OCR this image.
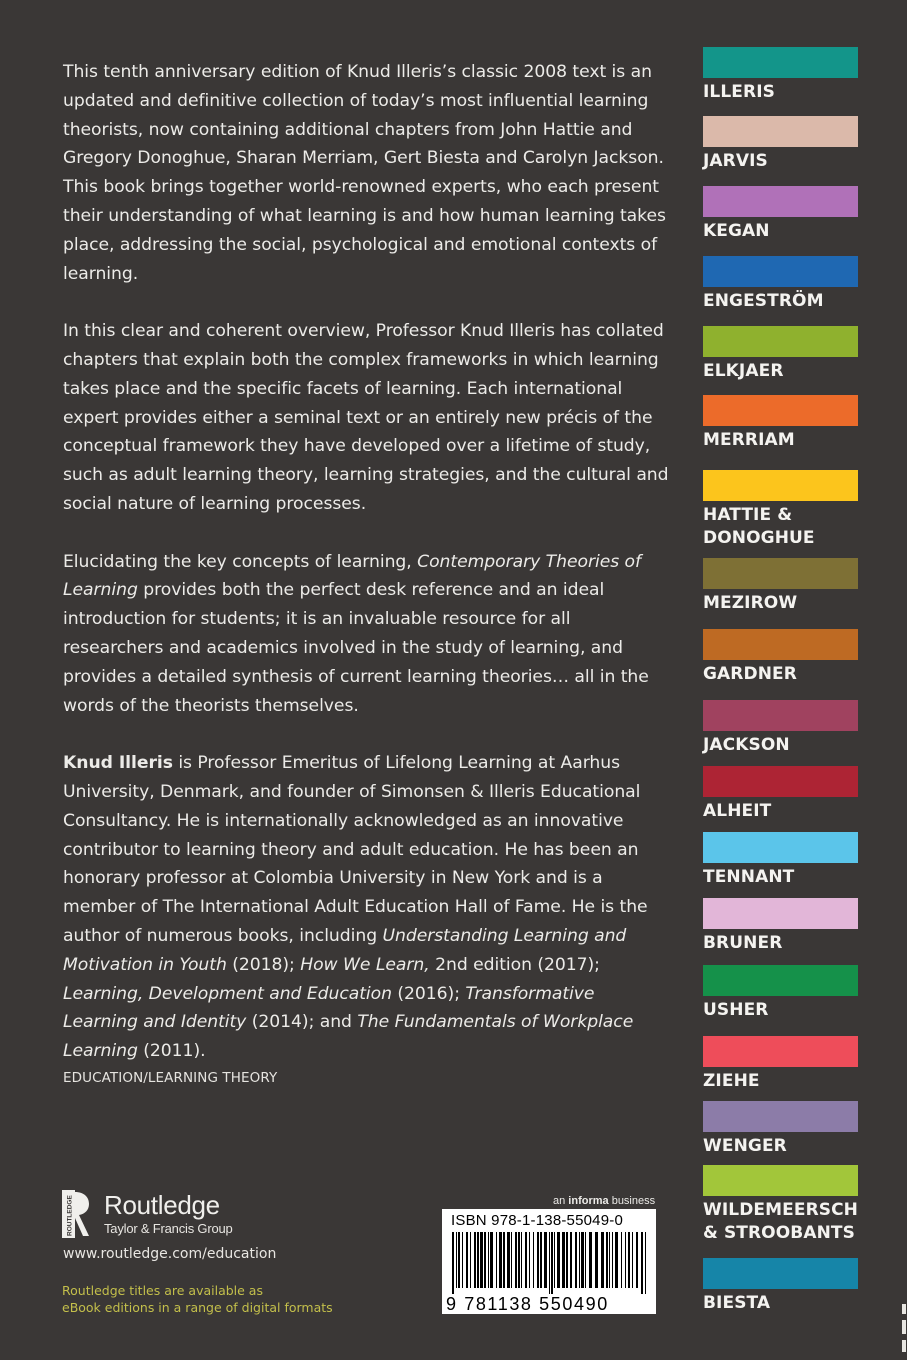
This tenth anniversary edition of Knud Illeris’s classic 2008 text is an updated and definitive collection of today’s most influential learning theorists, now containing additional chapters from John Hattie and Gregory Donoghue, Sharan Merriam, Gert Biesta and Carolyn Jackson. This book brings together world-renowned experts, who each present their understanding of what learning is and how human learning takes place, addressing the social, psychological and emotional contexts of learning.

In this clear and coherent overview, Professor Knud Illeris has collated chapters that explain both the complex frameworks in which learning takes place and the specific facets of learning. Each international expert provides either a seminal text or an entirely new précis of the conceptual framework they have developed over a lifetime of study, such as adult learning theory, learning strategies, and the cultural and social nature of learning processes.

Elucidating the key concepts of learning, Contemporary Theories of Learning provides both the perfect desk reference and an ideal introduction for students; it is an invaluable resource for all researchers and academics involved in the study of learning, and provides a detailed synthesis of current learning theories… all in the words of the theorists themselves.

Knud Illeris is Professor Emeritus of Lifelong Learning at Aarhus University, Denmark, and founder of Simonsen & Illeris Educational Consultancy. He is internationally acknowledged as an innovative contributor to learning theory and adult education. He has been an honorary professor at Colombia University in New York and is a member of The International Adult Education Hall of Fame. He is the author of numerous books, including Understanding Learning and Motivation in Youth (2018); How We Learn, 2nd edition (2017); Learning, Development and Education (2016); Transformative Learning and Identity (2014); and The Fundamentals of Workplace Learning (2011).

EDUCATION/LEARNING THEORY
ROUTLEDGE Routledge
Taylor & Francis Group
www.routledge.com/education
Routledge titles are available as
eBook editions in a range of digital formats
an informa business
ISBN 978-1-138-55049-0
9 781138 550490
ILLERIS
JARVIS
KEGAN
ENGESTRÖM
ELKJAER
MERRIAM
HATTIE &
DONOGHUE
MEZIROW
GARDNER
JACKSON
ALHEIT
TENNANT
BRUNER
USHER
ZIEHE
WENGER
WILDEMEERSCH
& STROOBANTS
BIESTA
